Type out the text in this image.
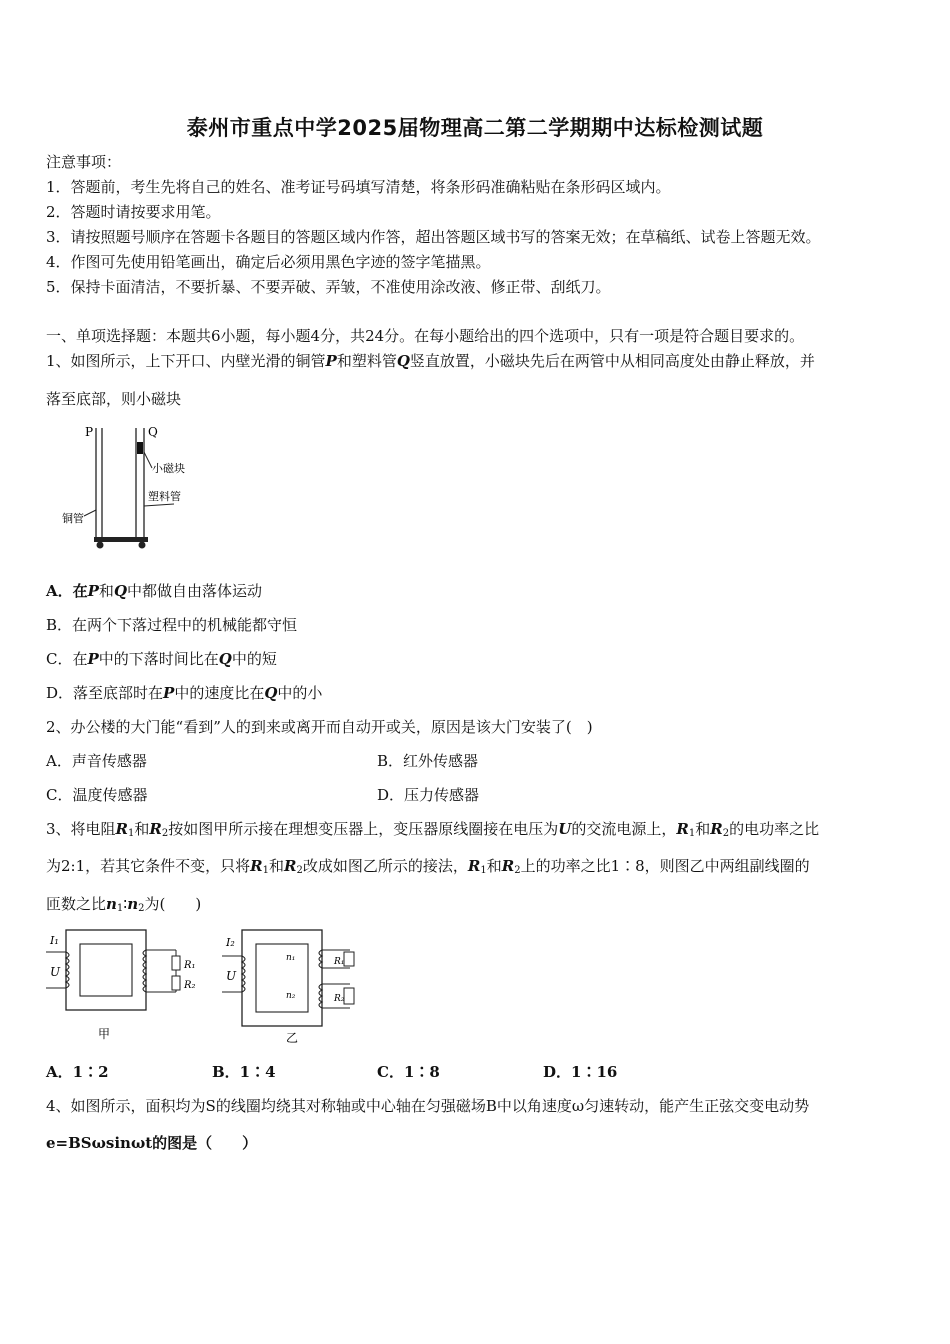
泰州市重点中学2025届物理高二第二学期期中达标检测试题
注意事项：
1．答题前，考生先将自己的姓名、准考证号码填写清楚，将条形码准确粘贴在条形码区域内。
2．答题时请按要求用笔。
3．请按照题号顺序在答题卡各题目的答题区域内作答，超出答题区域书写的答案无效；在草稿纸、试卷上答题无效。
4．作图可先使用铅笔画出，确定后必须用黑色字迹的签字笔描黑。
5．保持卡面清洁，不要折暴、不要弄破、弄皱，不准使用涂改液、修正带、刮纸刀。
一、单项选择题：本题共6小题，每小题4分，共24分。在每小题给出的四个选项中，只有一项是符合题目要求的。
1、如图所示，上下开口、内壁光滑的铜管P和塑料管Q竖直放置，小磁块先后在两管中从相同高度处由静止释放，并
落至底部，则小磁块
P	Q
小磁块
塑料管
铜管
A．在P和Q中都做自由落体运动
B．在两个下落过程中的机械能都守恒
C．在P中的下落时间比在Q中的短
D．落至底部时在P中的速度比在Q中的小
2、办公楼的大门能“看到”人的到来或离开而自动开或关，原因是该大门安装了(　)
A．声音传感器	B．红外传感器
C．温度传感器	D．压力传感器
3、将电阻$R_1$和$R_2$按如图甲所示接在理想变压器上，变压器原线圈接在电压为U的交流电源上，$R_1$和$R_2$的电功率之比
为2:1，若其它条件不变，只将$R_1$和$R_2$改成如图乙所示的接法，$R_1$和$R_2$上的功率之比1∶8，则图乙中两组副线圈的
匝数之比$n_1∶n_2$为(　　)
I₁
U	R₁
R₂
甲
I₂
U
R₁
n₁
R₂
n₂
乙
A．1∶2	B．1∶4	C．1∶8	D．1∶16
4、如图所示，面积均为S的线圈均绕其对称轴或中心轴在匀强磁场B中以角速度ω匀速转动，能产生正弦交变电动势
e=BSωsinωt的图是（　　）
